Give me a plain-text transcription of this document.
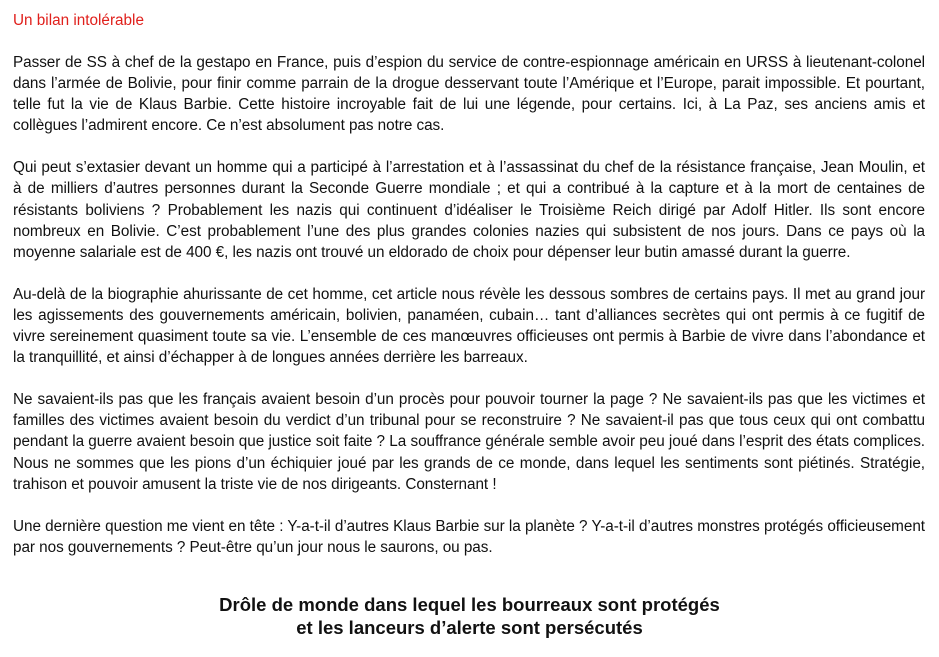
Un bilan intolérable

Passer de SS à chef de la gestapo en France, puis d’espion du service de contre-espionnage américain en URSS à lieutenant-colonel dans l’armée de Bolivie, pour finir comme parrain de la drogue desservant toute l’Amérique et l’Europe, parait impossible. Et pourtant, telle fut la vie de Klaus Barbie. Cette histoire incroyable fait de lui une légende, pour certains. Ici, à La Paz, ses anciens amis et collègues l’admirent encore. Ce n’est absolument pas notre cas.

Qui peut s’extasier devant un homme qui a participé à l’arrestation et à l’assassinat du chef de la résistance française, Jean Moulin, et à de milliers d’autres personnes durant la Seconde Guerre mondiale ; et qui a contribué à la capture et à la mort de centaines de résistants boliviens ? Probablement les nazis qui continuent d’idéaliser le Troisième Reich dirigé par Adolf Hitler. Ils sont encore nombreux en Bolivie. C’est probablement l’une des plus grandes colonies nazies qui subsistent de nos jours. Dans ce pays où la moyenne salariale est de 400 €, les nazis ont trouvé un eldorado de choix pour dépenser leur butin amassé durant la guerre.

Au-delà de la biographie ahurissante de cet homme, cet article nous révèle les dessous sombres de certains pays. Il met au grand jour les agissements des gouvernements américain, bolivien, panaméen, cubain… tant d’alliances secrètes qui ont permis à ce fugitif de vivre sereinement quasiment toute sa vie. L’ensemble de ces manœuvres officieuses ont permis à Barbie de vivre dans l’abondance et la tranquillité, et ainsi d’échapper à de longues années derrière les barreaux.

Ne savaient-ils pas que les français avaient besoin d’un procès pour pouvoir tourner la page ? Ne savaient-ils pas que les victimes et familles des victimes avaient besoin du verdict d’un tribunal pour se reconstruire ? Ne savaient-il pas que tous ceux qui ont combattu pendant la guerre avaient besoin que justice soit faite ? La souffrance générale semble avoir peu joué dans l’esprit des états complices. Nous ne sommes que les pions d’un échiquier joué par les grands de ce monde, dans lequel les sentiments sont piétinés. Stratégie, trahison et pouvoir amusent la triste vie de nos dirigeants. Consternant !

Une dernière question me vient en tête : Y-a-t-il d’autres Klaus Barbie sur la planète ? Y-a-t-il d’autres monstres protégés officieusement par nos gouvernements ? Peut-être qu’un jour nous le saurons, ou pas.

Drôle de monde dans lequel les bourreaux sont protégés
et les lanceurs d’alerte sont persécutés
